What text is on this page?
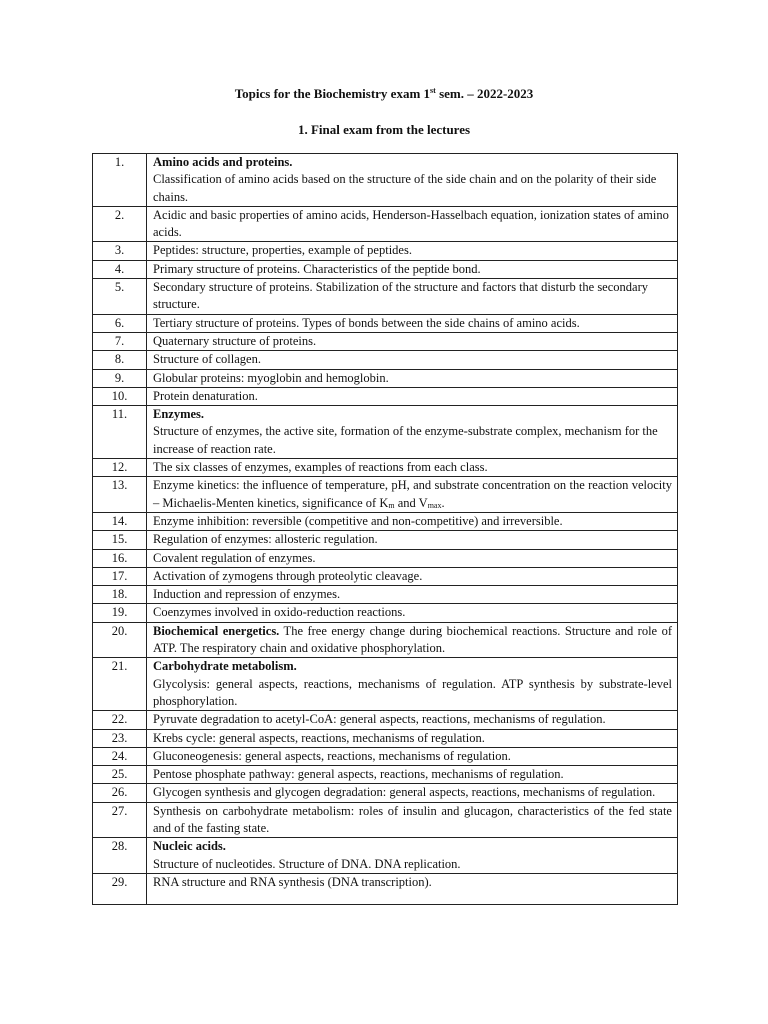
Topics for the Biochemistry exam 1st sem. – 2022-2023
1. Final exam from the lectures
1.	Amino acids and proteins.
Classification of amino acids based on the structure of the side chain and on the polarity of their side chains.

2.	Acidic and basic properties of amino acids, Henderson-Hasselbach equation, ionization states of amino acids.
3.	Peptides: structure, properties, example of peptides.
4.	Primary structure of proteins. Characteristics of the peptide bond.
5.	Secondary structure of proteins. Stabilization of the structure and factors that disturb the secondary structure.
6.	Tertiary structure of proteins. Types of bonds between the side chains of amino acids.
7.	Quaternary structure of proteins.
8.	Structure of collagen.
9.	Globular proteins: myoglobin and hemoglobin.
10.	Protein denaturation.
11.	Enzymes.
Structure of enzymes, the active site, formation of the enzyme-substrate complex, mechanism for the increase of reaction rate.

12.	The six classes of enzymes, examples of reactions from each class.
13.	Enzyme kinetics: the influence of temperature, pH, and substrate concentration on the reaction velocity – Michaelis-Menten kinetics, significance of Km and Vmax.
14.	Enzyme inhibition: reversible (competitive and non-competitive) and irreversible.
15.	Regulation of enzymes: allosteric regulation.
16.	Covalent regulation of enzymes.
17.	Activation of zymogens through proteolytic cleavage.
18.	Induction and repression of enzymes.
19.	Coenzymes involved in oxido-reduction reactions.
20.	Biochemical energetics. The free energy change during biochemical reactions. Structure and role of ATP. The respiratory chain and oxidative phosphorylation.
21.	Carbohydrate metabolism.
Glycolysis: general aspects, reactions, mechanisms of regulation. ATP synthesis by substrate-level phosphorylation.

22.	Pyruvate degradation to acetyl-CoA: general aspects, reactions, mechanisms of regulation.
23.	Krebs cycle: general aspects, reactions, mechanisms of regulation.
24.	Gluconeogenesis: general aspects, reactions, mechanisms of regulation.
25.	Pentose phosphate pathway: general aspects, reactions, mechanisms of regulation.
26.	Glycogen synthesis and glycogen degradation: general aspects, reactions, mechanisms of regulation.
27.	Synthesis on carbohydrate metabolism: roles of insulin and glucagon, characteristics of the fed state and of the fasting state.
28.	Nucleic acids.
Structure of nucleotides. Structure of DNA. DNA replication.

29.	RNA structure and RNA synthesis (DNA transcription).
